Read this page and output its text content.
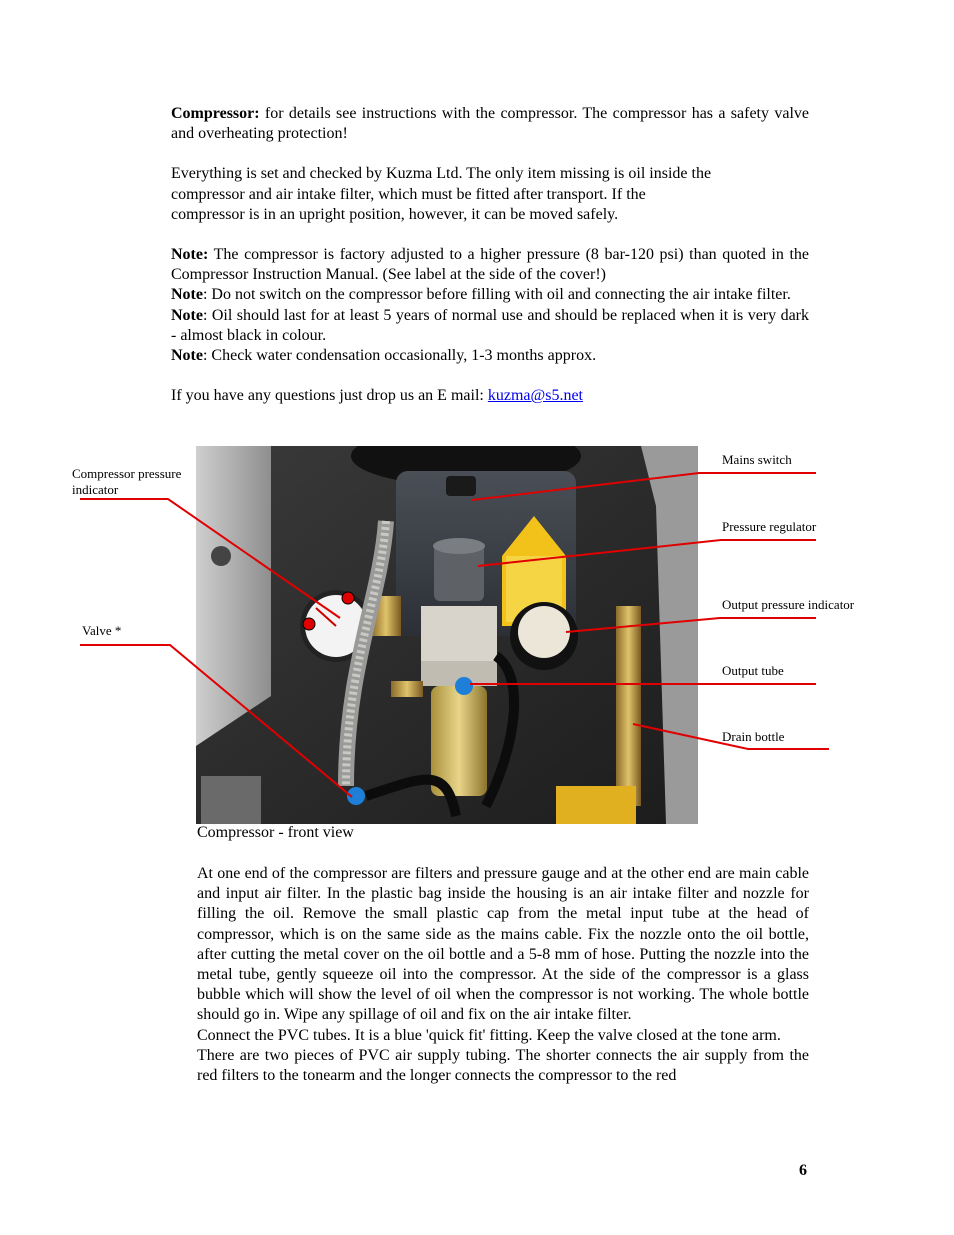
Compressor: for details see instructions with the compressor. The compressor has a safety valve and overheating protection!

Everything is set and checked by Kuzma Ltd. The only item missing is oil inside the
compressor and air intake filter, which must be fitted after transport. If the
compressor is in an upright position, however, it can be moved safely.

Note: The compressor is factory adjusted to a higher pressure (8 bar-120 psi) than quoted in the Compressor Instruction Manual. (See label at the side of the cover!)

Note: Do not switch on the compressor before filling with oil and connecting the air intake filter.

Note: Oil should last for at least 5 years of normal use and should be replaced when it is very dark - almost black in colour.

Note: Check water condensation occasionally, 1-3 months approx.

If you have any questions just drop us an E mail: kuzma@s5.net

Compressor pressure indicator
Valve *
Mains switch
Pressure regulator
Output pressure indicator
Output tube
Drain bottle
Compressor - front view

At one end of the compressor are filters and pressure gauge and at the other end are main cable and input air filter. In the plastic bag inside the housing is an air intake filter and nozzle for filling the oil. Remove the small plastic cap from the metal input tube at the head of compressor, which is on the same side as the mains cable. Fix the nozzle onto the oil bottle, after cutting the metal cover on the oil bottle and a 5-8 mm of hose. Putting the nozzle into the metal tube, gently squeeze oil into the compressor. At the side of the compressor is a glass bubble which will show the level of oil when the compressor is not working. The whole bottle should go in. Wipe any spillage of oil and fix on the air intake filter.

Connect the PVC tubes. It is a blue 'quick fit' fitting. Keep the valve closed at the tone arm.

There are two pieces of PVC air supply tubing. The shorter connects the air supply from the red filters to the tonearm and the longer connects the compressor to the red

6
